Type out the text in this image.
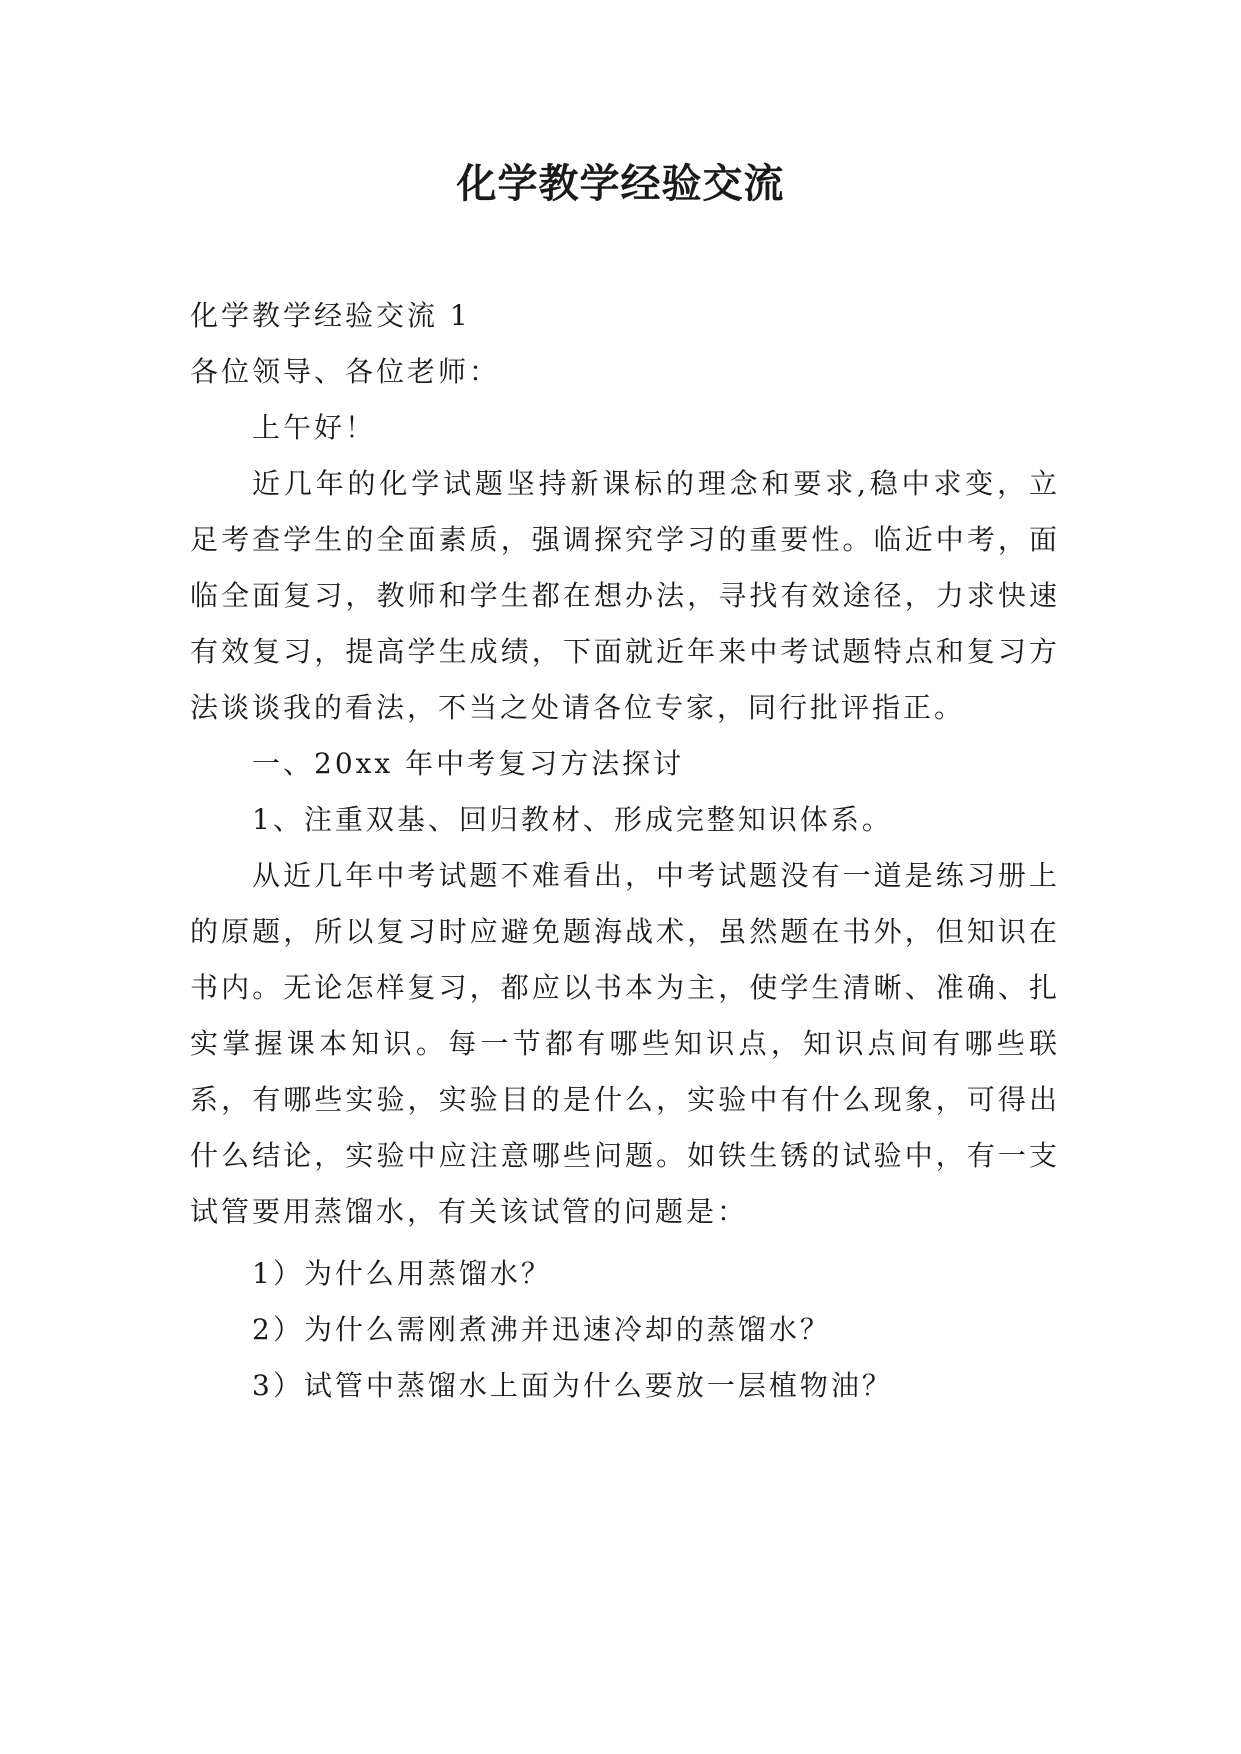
化学教学经验交流

化学教学经验交流 1

各位领导、各位老师：

上午好！

近几年的化学试题坚持新课标的理念和要求,稳中求变，立足考查学生的全面素质，强调探究学习的重要性。临近中考，面临全面复习，教师和学生都在想办法，寻找有效途径，力求快速有效复习，提高学生成绩，下面就近年来中考试题特点和复习方法谈谈我的看法，不当之处请各位专家，同行批评指正。

一、20xx 年中考复习方法探讨

1、注重双基、回归教材、形成完整知识体系。

从近几年中考试题不难看出，中考试题没有一道是练习册上的原题，所以复习时应避免题海战术，虽然题在书外，但知识在书内。无论怎样复习，都应以书本为主，使学生清晰、准确、扎实掌握课本知识。每一节都有哪些知识点，知识点间有哪些联系，有哪些实验，实验目的是什么，实验中有什么现象，可得出什么结论，实验中应注意哪些问题。如铁生锈的试验中，有一支试管要用蒸馏水，有关该试管的问题是：

1）为什么用蒸馏水？

2）为什么需刚煮沸并迅速冷却的蒸馏水？

3）试管中蒸馏水上面为什么要放一层植物油？
